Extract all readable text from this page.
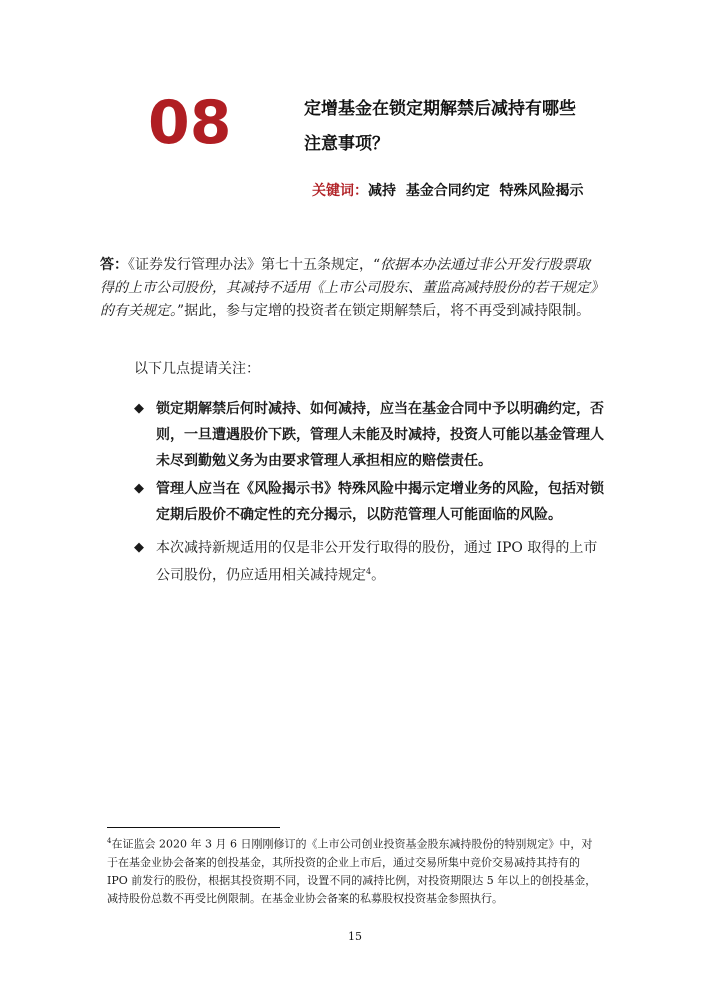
08	定增基金在锁定期解禁后减持有哪些
注意事项？
关键词：减持  基金合同约定  特殊风险揭示
答：《证券发行管理办法》第七十五条规定，“依据本办法通过非公开发行股票取得的上市公司股份，其减持不适用《上市公司股东、董监高减持股份的若干规定》的有关规定。”据此，参与定增的投资者在锁定期解禁后，将不再受到减持限制。
以下几点提请关注：
◆ 锁定期解禁后何时减持、如何减持，应当在基金合同中予以明确约定，否则，一旦遭遇股价下跌，管理人未能及时减持，投资人可能以基金管理人未尽到勤勉义务为由要求管理人承担相应的赔偿责任。
◆ 管理人应当在《风险揭示书》特殊风险中揭示定增业务的风险，包括对锁定期后股价不确定性的充分揭示，以防范管理人可能面临的风险。
◆ 本次减持新规适用的仅是非公开发行取得的股份，通过 IPO 取得的上市公司股份，仍应适用相关减持规定$^4$。
$^4$在证监会 2020 年 3 月 6 日刚刚修订的《上市公司创业投资基金股东减持股份的特别规定》中，对于在基金业协会备案的创投基金，其所投资的企业上市后，通过交易所集中竞价交易减持其持有的 IPO 前发行的股份，根据其投资期不同，设置不同的减持比例，对投资期限达 5 年以上的创投基金，减持股份总数不再受比例限制。在基金业协会备案的私募股权投资基金参照执行。
15
